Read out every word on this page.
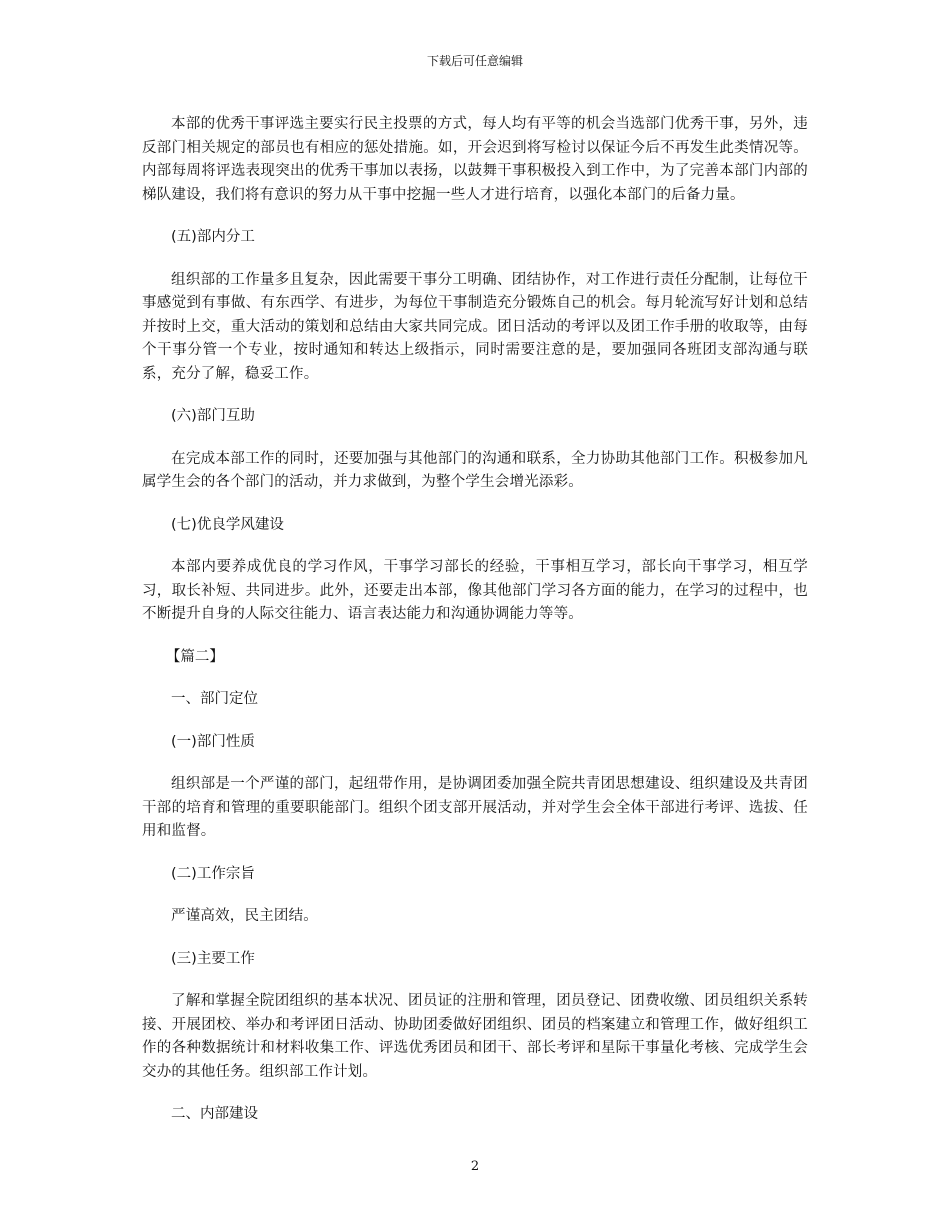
下载后可任意编辑

本部的优秀干事评选主要实行民主投票的方式，每人均有平等的机会当选部门优秀干事，另外，违反部门相关规定的部员也有相应的惩处措施。如，开会迟到将写检讨以保证今后不再发生此类情况等。内部每周将评选表现突出的优秀干事加以表扬，以鼓舞干事积极投入到工作中，为了完善本部门内部的梯队建设，我们将有意识的努力从干事中挖掘一些人才进行培育，以强化本部门的后备力量。

(五)部内分工

组织部的工作量多且复杂，因此需要干事分工明确、团结协作，对工作进行责任分配制，让每位干事感觉到有事做、有东西学、有进步，为每位干事制造充分锻炼自己的机会。每月轮流写好计划和总结并按时上交，重大活动的策划和总结由大家共同完成。团日活动的考评以及团工作手册的收取等，由每个干事分管一个专业，按时通知和转达上级指示，同时需要注意的是，要加强同各班团支部沟通与联系，充分了解，稳妥工作。

(六)部门互助

在完成本部工作的同时，还要加强与其他部门的沟通和联系，全力协助其他部门工作。积极参加凡属学生会的各个部门的活动，并力求做到，为整个学生会增光添彩。

(七)优良学风建设

本部内要养成优良的学习作风，干事学习部长的经验，干事相互学习，部长向干事学习，相互学习，取长补短、共同进步。此外，还要走出本部，像其他部门学习各方面的能力，在学习的过程中，也不断提升自身的人际交往能力、语言表达能力和沟通协调能力等等。

【篇二】

一、部门定位

(一)部门性质

组织部是一个严谨的部门，起纽带作用，是协调团委加强全院共青团思想建设、组织建设及共青团干部的培育和管理的重要职能部门。组织个团支部开展活动，并对学生会全体干部进行考评、选拔、任用和监督。

(二)工作宗旨

严谨高效，民主团结。

(三)主要工作

了解和掌握全院团组织的基本状况、团员证的注册和管理，团员登记、团费收缴、团员组织关系转接、开展团校、举办和考评团日活动、协助团委做好团组织、团员的档案建立和管理工作，做好组织工作的各种数据统计和材料收集工作、评选优秀团员和团干、部长考评和星际干事量化考核、完成学生会交办的其他任务。组织部工作计划。

二、内部建设

2
